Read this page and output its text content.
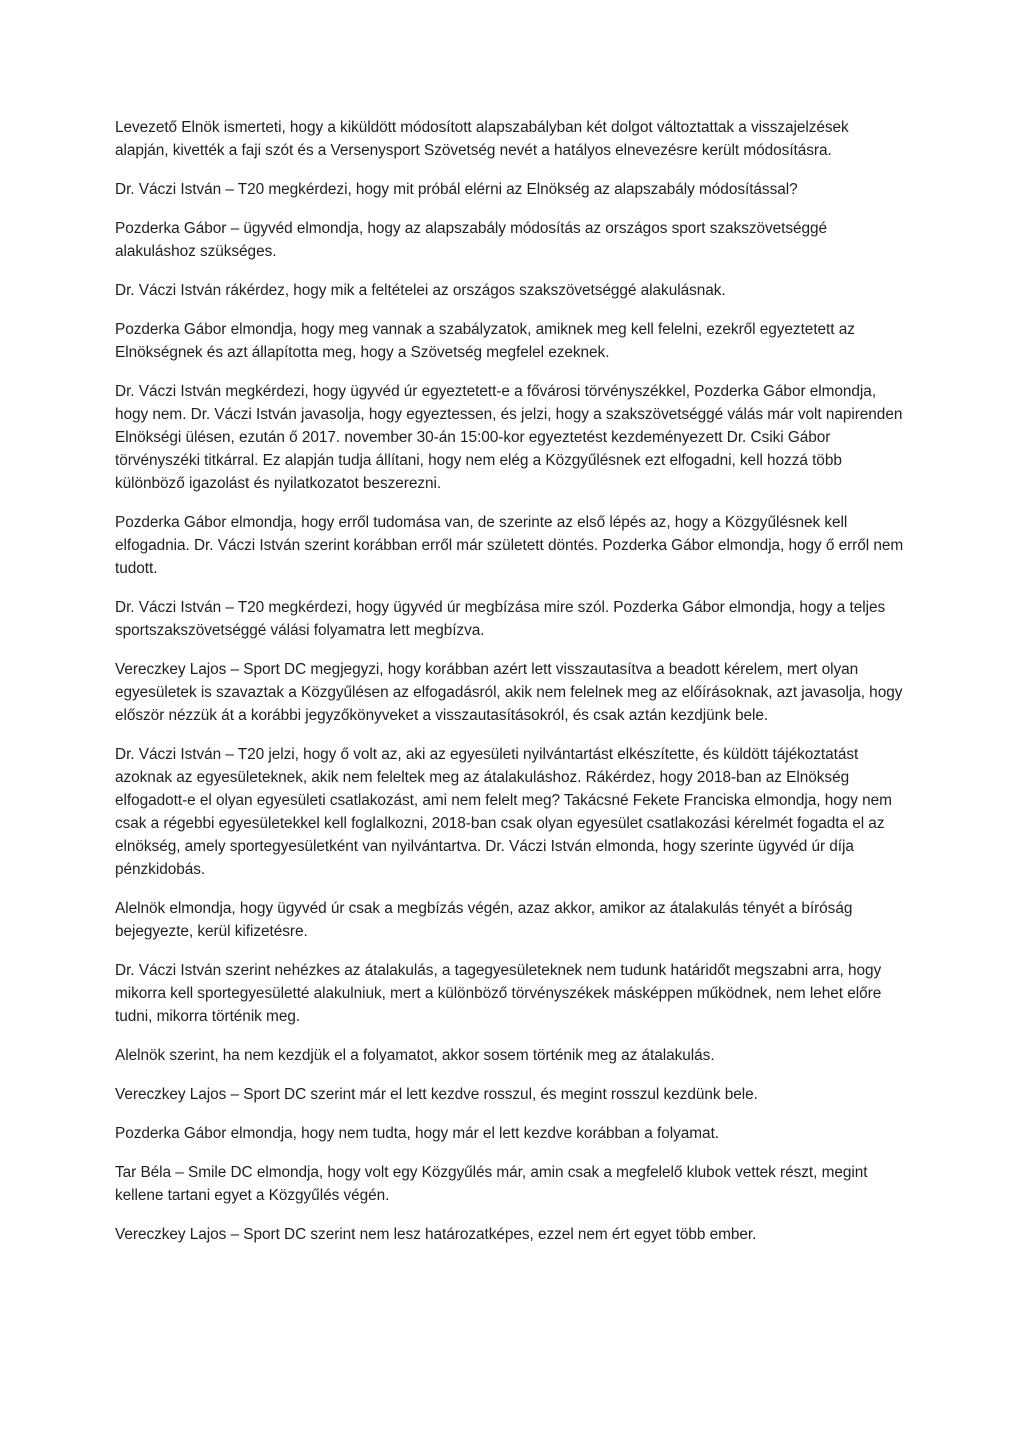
Levezető Elnök ismerteti, hogy a kiküldött módosított alapszabályban két dolgot változtattak a visszajelzések alapján, kivették a faji szót és a Versenysport Szövetség nevét a hatályos elnevezésre került módosításra.

Dr. Váczi István – T20 megkérdezi, hogy mit próbál elérni az Elnökség az alapszabály módosítással?

Pozderka Gábor – ügyvéd elmondja, hogy az alapszabály módosítás az országos sport szakszövetséggé alakuláshoz szükséges.

Dr. Váczi István rákérdez, hogy mik a feltételei az országos szakszövetséggé alakulásnak.

Pozderka Gábor elmondja, hogy meg vannak a szabályzatok, amiknek meg kell felelni, ezekről egyeztetett az Elnökségnek és azt állapította meg, hogy a Szövetség megfelel ezeknek.

Dr. Váczi István megkérdezi, hogy ügyvéd úr egyeztetett-e a fővárosi törvényszékkel, Pozderka Gábor elmondja, hogy nem. Dr. Váczi István javasolja, hogy egyeztessen, és jelzi, hogy a szakszövetséggé válás már volt napirenden Elnökségi ülésen, ezután ő 2017. november 30-án 15:00-kor egyeztetést kezdeményezett Dr. Csiki Gábor törvényszéki titkárral. Ez alapján tudja állítani, hogy nem elég a Közgyűlésnek ezt elfogadni, kell hozzá több különböző igazolást és nyilatkozatot beszerezni.

Pozderka Gábor elmondja, hogy erről tudomása van, de szerinte az első lépés az, hogy a Közgyűlésnek kell elfogadnia. Dr. Váczi István szerint korábban erről már született döntés. Pozderka Gábor elmondja, hogy ő erről nem tudott.

Dr. Váczi István – T20 megkérdezi, hogy ügyvéd úr megbízása mire szól. Pozderka Gábor elmondja, hogy a teljes sportszakszövetséggé válási folyamatra lett megbízva.

Vereczkey Lajos – Sport DC megjegyzi, hogy korábban azért lett visszautasítva a beadott kérelem, mert olyan egyesületek is szavaztak a Közgyűlésen az elfogadásról, akik nem felelnek meg az előírásoknak, azt javasolja, hogy először nézzük át a korábbi jegyzőkönyveket a visszautasításokról, és csak aztán kezdjünk bele.

Dr. Váczi István – T20 jelzi, hogy ő volt az, aki az egyesületi nyilvántartást elkészítette, és küldött tájékoztatást azoknak az egyesületeknek, akik nem feleltek meg az átalakuláshoz. Rákérdez, hogy 2018-ban az Elnökség elfogadott-e el olyan egyesületi csatlakozást, ami nem felelt meg? Takácsné Fekete Franciska elmondja, hogy nem csak a régebbi egyesületekkel kell foglalkozni, 2018-ban csak olyan egyesület csatlakozási kérelmét fogadta el az elnökség, amely sportegyesületként van nyilvántartva. Dr. Váczi István elmonda, hogy szerinte ügyvéd úr díja pénzkidobás.

Alelnök elmondja, hogy ügyvéd úr csak a megbízás végén, azaz akkor, amikor az átalakulás tényét a bíróság bejegyezte, kerül kifizetésre.

Dr. Váczi István szerint nehézkes az átalakulás, a tagegyesületeknek nem tudunk határidőt megszabni arra, hogy mikorra kell sportegyesületté alakulniuk, mert a különböző törvényszékek másképpen működnek, nem lehet előre tudni, mikorra történik meg.

Alelnök szerint, ha nem kezdjük el a folyamatot, akkor sosem történik meg az átalakulás.

Vereczkey Lajos – Sport DC szerint már el lett kezdve rosszul, és megint rosszul kezdünk bele.

Pozderka Gábor elmondja, hogy nem tudta, hogy már el lett kezdve korábban a folyamat.

Tar Béla – Smile DC elmondja, hogy volt egy Közgyűlés már, amin csak a megfelelő klubok vettek részt, megint kellene tartani egyet a Közgyűlés végén.

Vereczkey Lajos – Sport DC szerint nem lesz határozatképes, ezzel nem ért egyet több ember.
